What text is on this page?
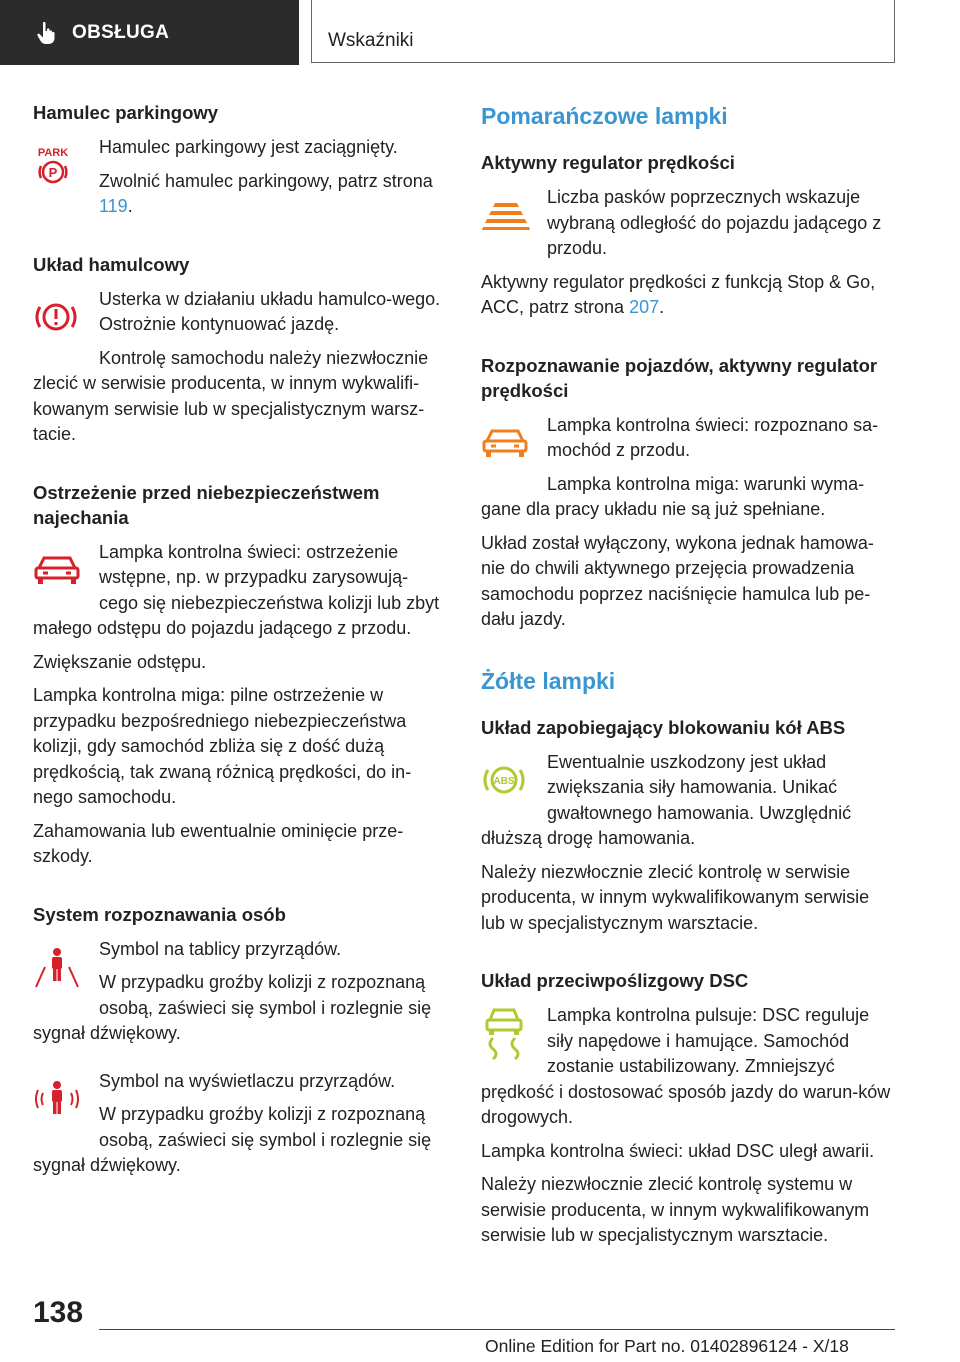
OBSŁUGA	Wskaźniki
Hamulec parkingowy
PARK
P

Hamulec parkingowy jest zaciągnięty.

Zwolnić hamulec parkingowy, patrz strona 119.

Układ hamulcowy

Usterka w działaniu układu hamulco-wego. Ostrożnie kontynuować jazdę.

Kontrolę samochodu należy niezwłocznie zlecić w serwisie producenta, w innym wykwalifi-kowanym serwisie lub w specjalistycznym warsz-tacie.

Ostrzeżenie przed niebezpieczeństwem najechania

Lampka kontrolna świeci: ostrzeżenie wstępne, np. w przypadku zarysowują-cego się niebezpieczeństwa kolizji lub zbyt małego odstępu do pojazdu jadącego z przodu.

Zwiększanie odstępu.

Lampka kontrolna miga: pilne ostrzeżenie w przypadku bezpośredniego niebezpieczeństwa kolizji, gdy samochód zbliża się z dość dużą prędkością, tak zwaną różnicą prędkości, do in-nego samochodu.

Zahamowania lub ewentualnie ominięcie prze-szkody.

System rozpoznawania osób

Symbol na tablicy przyrządów.

W przypadku groźby kolizji z rozpoznaną osobą, zaświeci się symbol i rozlegnie się sygnał dźwiękowy.

Symbol na wyświetlaczu przyrządów.

W przypadku groźby kolizji z rozpoznaną osobą, zaświeci się symbol i rozlegnie się sygnał dźwiękowy.

Pomarańczowe lampki
Aktywny regulator prędkości

Liczba pasków poprzecznych wskazuje wybraną odległość do pojazdu jadącego z przodu.

Aktywny regulator prędkości z funkcją Stop & Go, ACC, patrz strona 207.

Rozpoznawanie pojazdów, aktywny regulator prędkości

Lampka kontrolna świeci: rozpoznano sa-mochód z przodu.

Lampka kontrolna miga: warunki wyma-gane dla pracy układu nie są już spełniane.

Układ został wyłączony, wykona jednak hamowa-nie do chwili aktywnego przejęcia prowadzenia samochodu poprzez naciśnięcie hamulca lub pe-dału jazdy.

Żółte lampki
Układ zapobiegający blokowaniu kół ABS
ABS

Ewentualnie uszkodzony jest układ zwiększania siły hamowania. Unikać gwałtownego hamowania. Uwzględnić dłuższą drogę hamowania.

Należy niezwłocznie zlecić kontrolę w serwisie producenta, w innym wykwalifikowanym serwisie lub w specjalistycznym warsztacie.

Układ przeciwpoślizgowy DSC

Lampka kontrolna pulsuje: DSC reguluje siły napędowe i hamujące. Samochód zostanie ustabilizowany. Zmniejszyć prędkość i dostosować sposób jazdy do warun-ków drogowych.

Lampka kontrolna świeci: układ DSC uległ awarii.

Należy niezwłocznie zlecić kontrolę systemu w serwisie producenta, w innym wykwalifikowanym serwisie lub w specjalistycznym warsztacie.

138
Online Edition for Part no. 01402896124 - X/18
